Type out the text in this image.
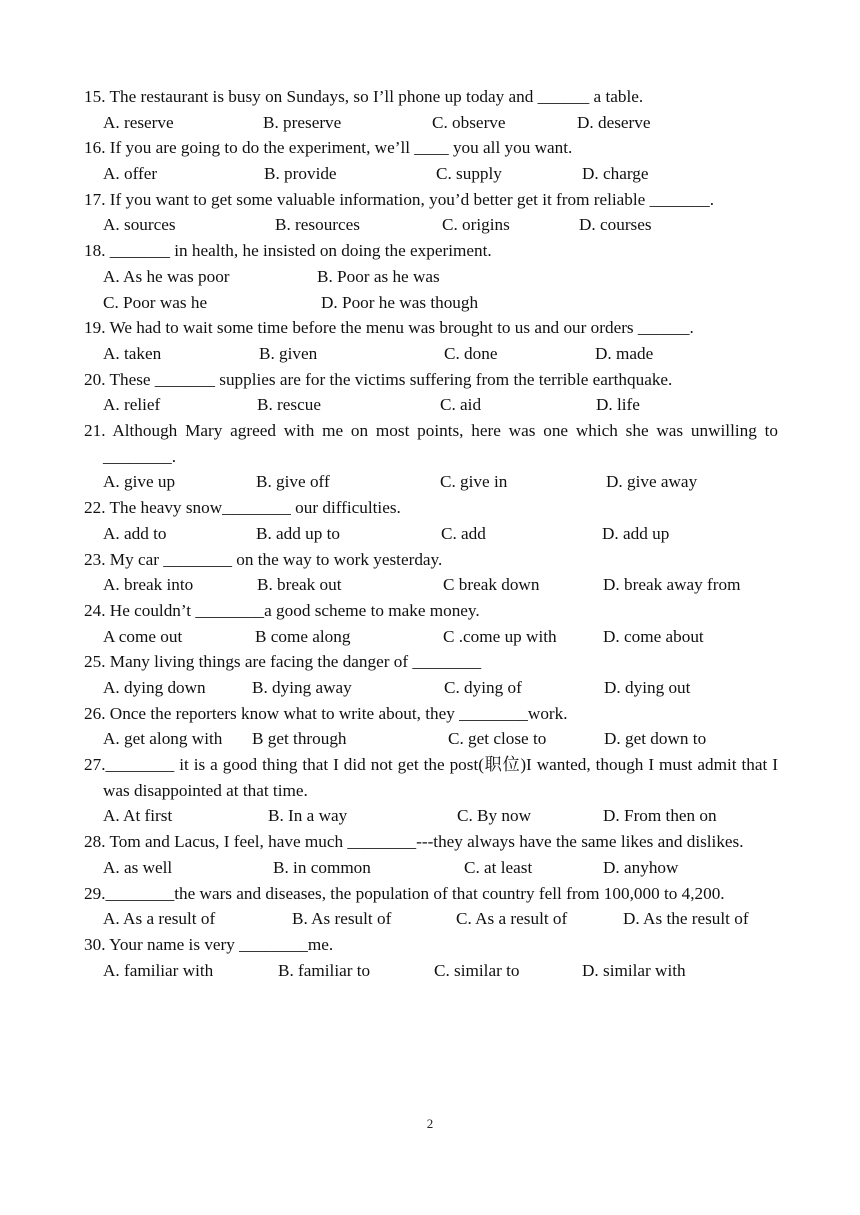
15. The restaurant is busy on Sundays, so I’ll phone up today and ______ a table.
A. reserve	B. preserve	C. observe	D. deserve
16. If you are going to do the experiment, we’ll ____ you all you want.
A. offer	B. provide	C. supply	D. charge
17. If you want to get some valuable information, you’d better get it from reliable _______.
A. sources	B. resources	C. origins	D. courses
18. _______ in health, he insisted on doing the experiment.
A. As he was poor	B. Poor as he was
C. Poor was he	D. Poor he was though
19. We had to wait some time before the menu was brought to us and our orders ______.
A. taken	B. given	C. done	D. made
20. These _______ supplies are for the victims suffering from the terrible earthquake.
A. relief	B. rescue	C. aid	D. life
21. Although Mary agreed with me on most points, here was one which she was unwilling to ________.
A. give up	B. give off	C. give in	D. give away
22. The heavy snow________ our difficulties.
A. add to	B. add up to	C. add	D. add up
23. My car ________ on the way to work yesterday.
A. break into	B. break out	C break down	D. break away from
24. He couldn’t ________a good scheme to make money.
A come out	B come along	C .come up with	D. come about
25. Many living things are facing the danger of ________
A. dying down	B. dying away	C. dying of	D. dying out
26. Once the reporters know what to write about, they ________work.
A. get along with B get through	C. get close to	D. get down to
27.________ it is a good thing that I did not get the post(职位)I wanted, though I must admit that I was disappointed at that time.
A. At first	B. In a way	C. By now	D. From then on
28. Tom and Lacus, I feel, have much ________---they always have the same likes and dislikes.
A. as well	B. in common	C. at least	D. anyhow
29.________the wars and diseases, the population of that country fell from 100,000 to 4,200.
A. As a result of	B. As result of	C. As a result of	D. As the result of
30. Your name is very ________me.
A. familiar with	B. familiar to	C. similar to	D. similar with
2
